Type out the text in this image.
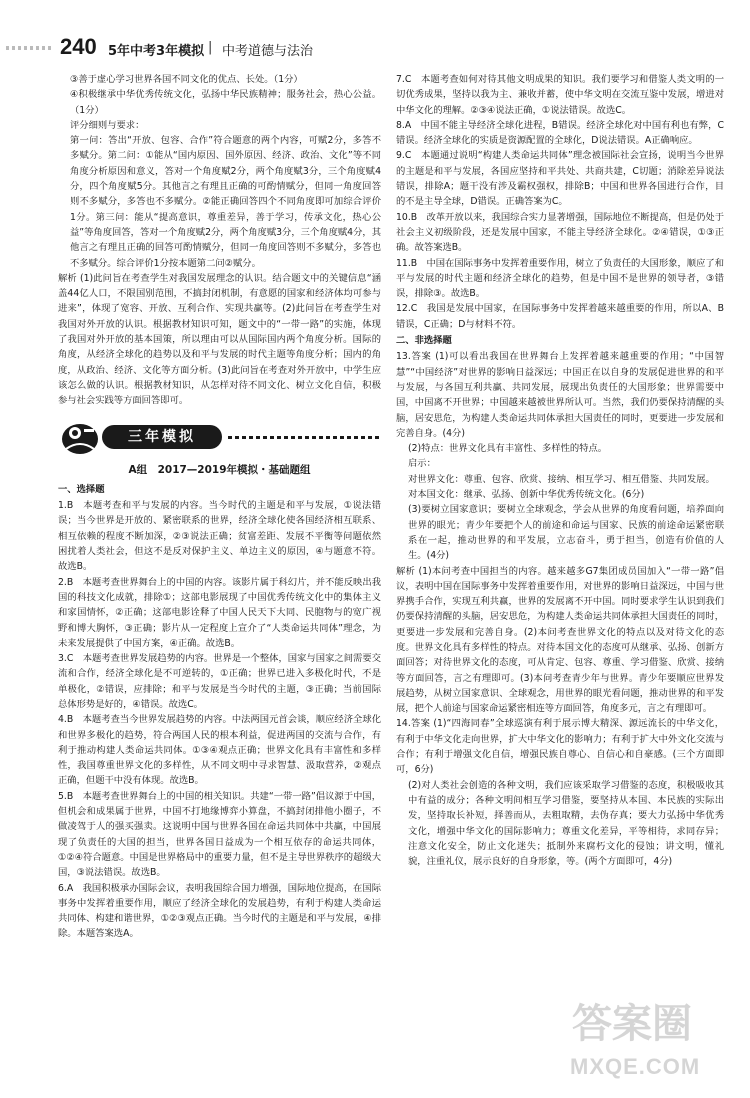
240 5年中考3年模拟 | 中考道德与法治

③善于虚心学习世界各国不同文化的优点、长处。（1分）

④积极继承中华优秀传统文化，弘扬中华民族精神；服务社会，热心公益。（1分）

评分细则与要求：

第一问：答出“开放、包容、合作”符合题意的两个内容，可赋2分，多答不多赋分。第二问：①能从“国内原因、国外原因、经济、政治、文化”等不同角度分析原因和意义，答对一个角度赋2分，两个角度赋3分，三个角度赋4分，四个角度赋5分。其他言之有理且正确的可酌情赋分，但同一角度回答则不多赋分，多答也不多赋分。②能正确回答四个不同角度即可加综合评价1分。第三问：能从“提高意识，尊重差异，善于学习，传承文化，热心公益”等角度回答，答对一个角度赋2分，两个角度赋3分，三个角度赋4分，其他言之有理且正确的回答可酌情赋分，但同一角度回答则不多赋分，多答也不多赋分。综合评价1分按本题第二问②赋分。

解析 (1)此问旨在考查学生对我国发展理念的认识。结合题文中的关键信息“涵盖44亿人口，不限国别范围，不搞封闭机制，有意愿的国家和经济体均可参与进来”，体现了宽容、开放、互利合作、实现共赢等。(2)此问旨在考查学生对我国对外开放的认识。根据教材知识可知，题文中的“一带一路”的实施，体现了我国对外开放的基本国策，所以理由可以从国际国内两个角度分析。国际的角度，从经济全球化的趋势以及和平与发展的时代主题等角度分析；国内的角度，从政治、经济、文化等方面分析。(3)此问旨在考查对外开放中，中学生应该怎么做的认识。根据教材知识，从怎样对待不同文化、树立文化自信，积极参与社会实践等方面回答即可。

三年模拟
A组　2017—2019年模拟・基础题组

一、选择题

1.B　本题考查和平与发展的内容。当今时代的主题是和平与发展，①说法错误；当今世界是开放的、紧密联系的世界，经济全球化使各国经济相互联系、相互依赖的程度不断加深，②③说法正确；贫富差距、发展不平衡等问题依然困扰着人类社会，但这不是反对保护主义、单边主义的原因，④与题意不符。故选B。

2.B　本题考查世界舞台上的中国的内容。该影片属于科幻片，并不能反映出我国的科技文化成就，排除①；这部电影展现了中国优秀传统文化中的集体主义和家国情怀，②正确；这部电影诠释了中国人民天下大同、民胞物与的宽广视野和博大胸怀，③正确；影片从一定程度上宣介了“人类命运共同体”理念，为未来发展提供了中国方案，④正确。故选B。

3.C　本题考查世界发展趋势的内容。世界是一个整体，国家与国家之间需要交流和合作，经济全球化是不可逆转的，①正确；世界已进入多极化时代，不是单极化，②错误，应排除；和平与发展是当今时代的主题，③正确；当前国际总体形势是好的，④错误。故选C。

4.B　本题考查当今世界发展趋势的内容。中法两国元首会谈，顺应经济全球化和世界多极化的趋势，符合两国人民的根本利益，促进两国的交流与合作，有利于推动构建人类命运共同体。①③④观点正确；世界文化具有丰富性和多样性，我国尊重世界文化的多样性，从不同文明中寻求智慧、汲取营养，②观点正确，但题干中没有体现。故选B。

5.B　本题考查世界舞台上的中国的相关知识。共建“一带一路”倡议源于中国，但机会和成果属于世界，中国不打地缘博弈小算盘，不搞封闭排他小圈子，不做凌驾于人的强买强卖。这说明中国与世界各国在命运共同体中共赢，中国展现了负责任的大国的担当，世界各国日益成为一个相互依存的命运共同体，①②④符合题意。中国是世界格局中的重要力量，但不是主导世界秩序的超级大国，③说法错误。故选B。

6.A　我国积极承办国际会议，表明我国综合国力增强，国际地位提高，在国际事务中发挥着重要作用，顺应了经济全球化的发展趋势，有利于构建人类命运共同体、构建和谐世界，①②③观点正确。当今时代的主题是和平与发展，④排除。本题答案选A。

7.C　本题考查如何对待其他文明成果的知识。我们要学习和借鉴人类文明的一切优秀成果，坚持以我为主、兼收并蓄，使中华文明在交流互鉴中发展，增进对中华文化的理解。②③④说法正确，①说法错误。故选C。

8.A　中国不能主导经济全球化进程，B错误。经济全球化对中国有利也有弊，C错误。经济全球化的实质是资源配置的全球化，D说法错误。A正确响应。

9.C　本题通过说明“构建人类命运共同体”理念被国际社会宣扬，说明当今世界的主题是和平与发展，各国应坚持和平共处、共商共建，C切题；消除差异说法错误，排除A；题干没有涉及霸权强权，排除B；中国和世界各国进行合作，目的不是主导全球，D错误。正确答案为C。

10.B　改革开放以来，我国综合实力显著增强，国际地位不断提高，但是仍处于社会主义初级阶段，还是发展中国家，不能主导经济全球化。②④错误，①③正确。故答案选B。

11.B　中国在国际事务中发挥着重要作用，树立了负责任的大国形象，顺应了和平与发展的时代主题和经济全球化的趋势，但是中国不是世界的领导者，③错误，排除③。故选B。

12.C　我国是发展中国家，在国际事务中发挥着越来越重要的作用，所以A、B错误，C正确；D与材料不符。

二、非选择题

13.答案 (1)可以看出我国在世界舞台上发挥着越来越重要的作用；“中国智慧”“中国经济”对世界的影响日益深远；中国正在以自身的发展促进世界的和平与发展，与各国互利共赢、共同发展，展现出负责任的大国形象；世界需要中国，中国离不开世界；中国越来越被世界所认可。当然，我们仍要保持清醒的头脑，居安思危，为构建人类命运共同体承担大国责任的同时，更要进一步发展和完善自身。(4分)

(2)特点：世界文化具有丰富性、多样性的特点。

启示：

对世界文化：尊重、包容、欣赏、接纳、相互学习、相互借鉴、共同发展。

对本国文化：继承、弘扬、创新中华优秀传统文化。(6分)

(3)要树立国家意识；要树立全球观念，学会从世界的角度看问题，培养面向世界的眼光；青少年要把个人的前途和命运与国家、民族的前途命运紧密联系在一起，推动世界的和平发展，立志奋斗，勇于担当，创造有价值的人生。(4分)

解析 (1)本问考查中国担当的内容。越来越多G7集团成员国加入“一带一路”倡议，表明中国在国际事务中发挥着重要作用，对世界的影响日益深远，中国与世界携手合作，实现互利共赢，世界的发展离不开中国。同时要求学生认识到我们仍要保持清醒的头脑，居安思危，为构建人类命运共同体承担大国责任的同时，更要进一步发展和完善自身。(2)本问考查世界文化的特点以及对待文化的态度。世界文化具有多样性的特点。对待本国文化的态度可从继承、弘扬、创新方面回答；对待世界文化的态度，可从肯定、包容、尊重、学习借鉴、欣赏、接纳等方面回答，言之有理即可。(3)本问考查青少年与世界。青少年要顺应世界发展趋势，从树立国家意识、全球观念，用世界的眼光看问题，推动世界的和平发展，把个人前途与国家命运紧密相连等方面回答，角度多元，言之有理即可。

14.答案 (1)“四海同春”全球巡演有利于展示博大精深、源远流长的中华文化，有利于中华文化走向世界，扩大中华文化的影响力；有利于扩大中外文化交流与合作；有利于增强文化自信，增强民族自尊心、自信心和自豪感。(三个方面即可，6分)

(2)对人类社会创造的各种文明，我们应该采取学习借鉴的态度，积极吸收其中有益的成分；各种文明间相互学习借鉴，要坚持从本国、本民族的实际出发，坚持取长补短，择善而从，去粗取精，去伪存真；要大力弘扬中华优秀文化，增强中华文化的国际影响力；尊重文化差异，平等相待，求同存异；注意文化安全，防止文化迷失；抵制外来腐朽文化的侵蚀；讲文明，懂礼貌，注重礼仪，展示良好的自身形象，等。(两个方面即可，4分)

答案圈
MXQE.COM
